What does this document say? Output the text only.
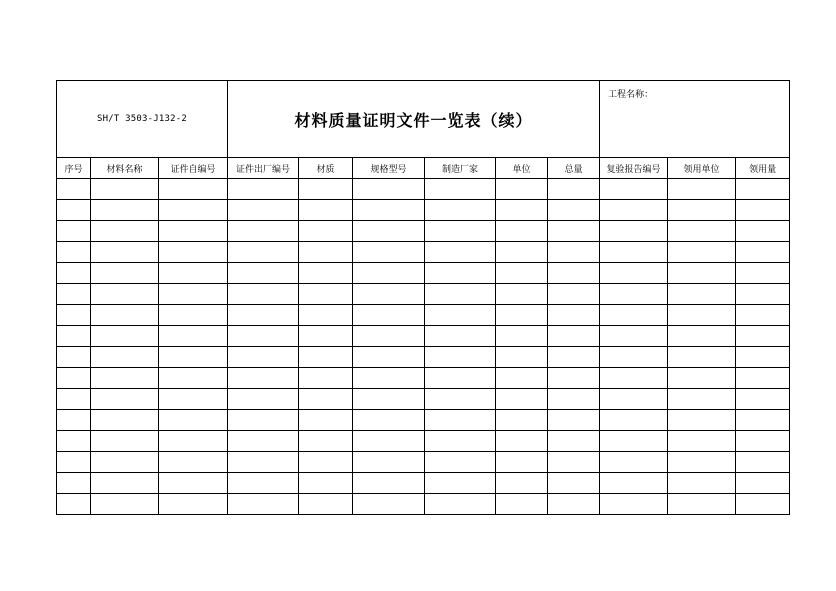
SH/T 3503-J132-2			材料质量证明文件一览表（续）						工程名称：		

序号	材料名称	证件自编号	证件出厂编号	材质	规格型号	制造厂家	单位	总量	复验报告编号	领用单位	领用量
